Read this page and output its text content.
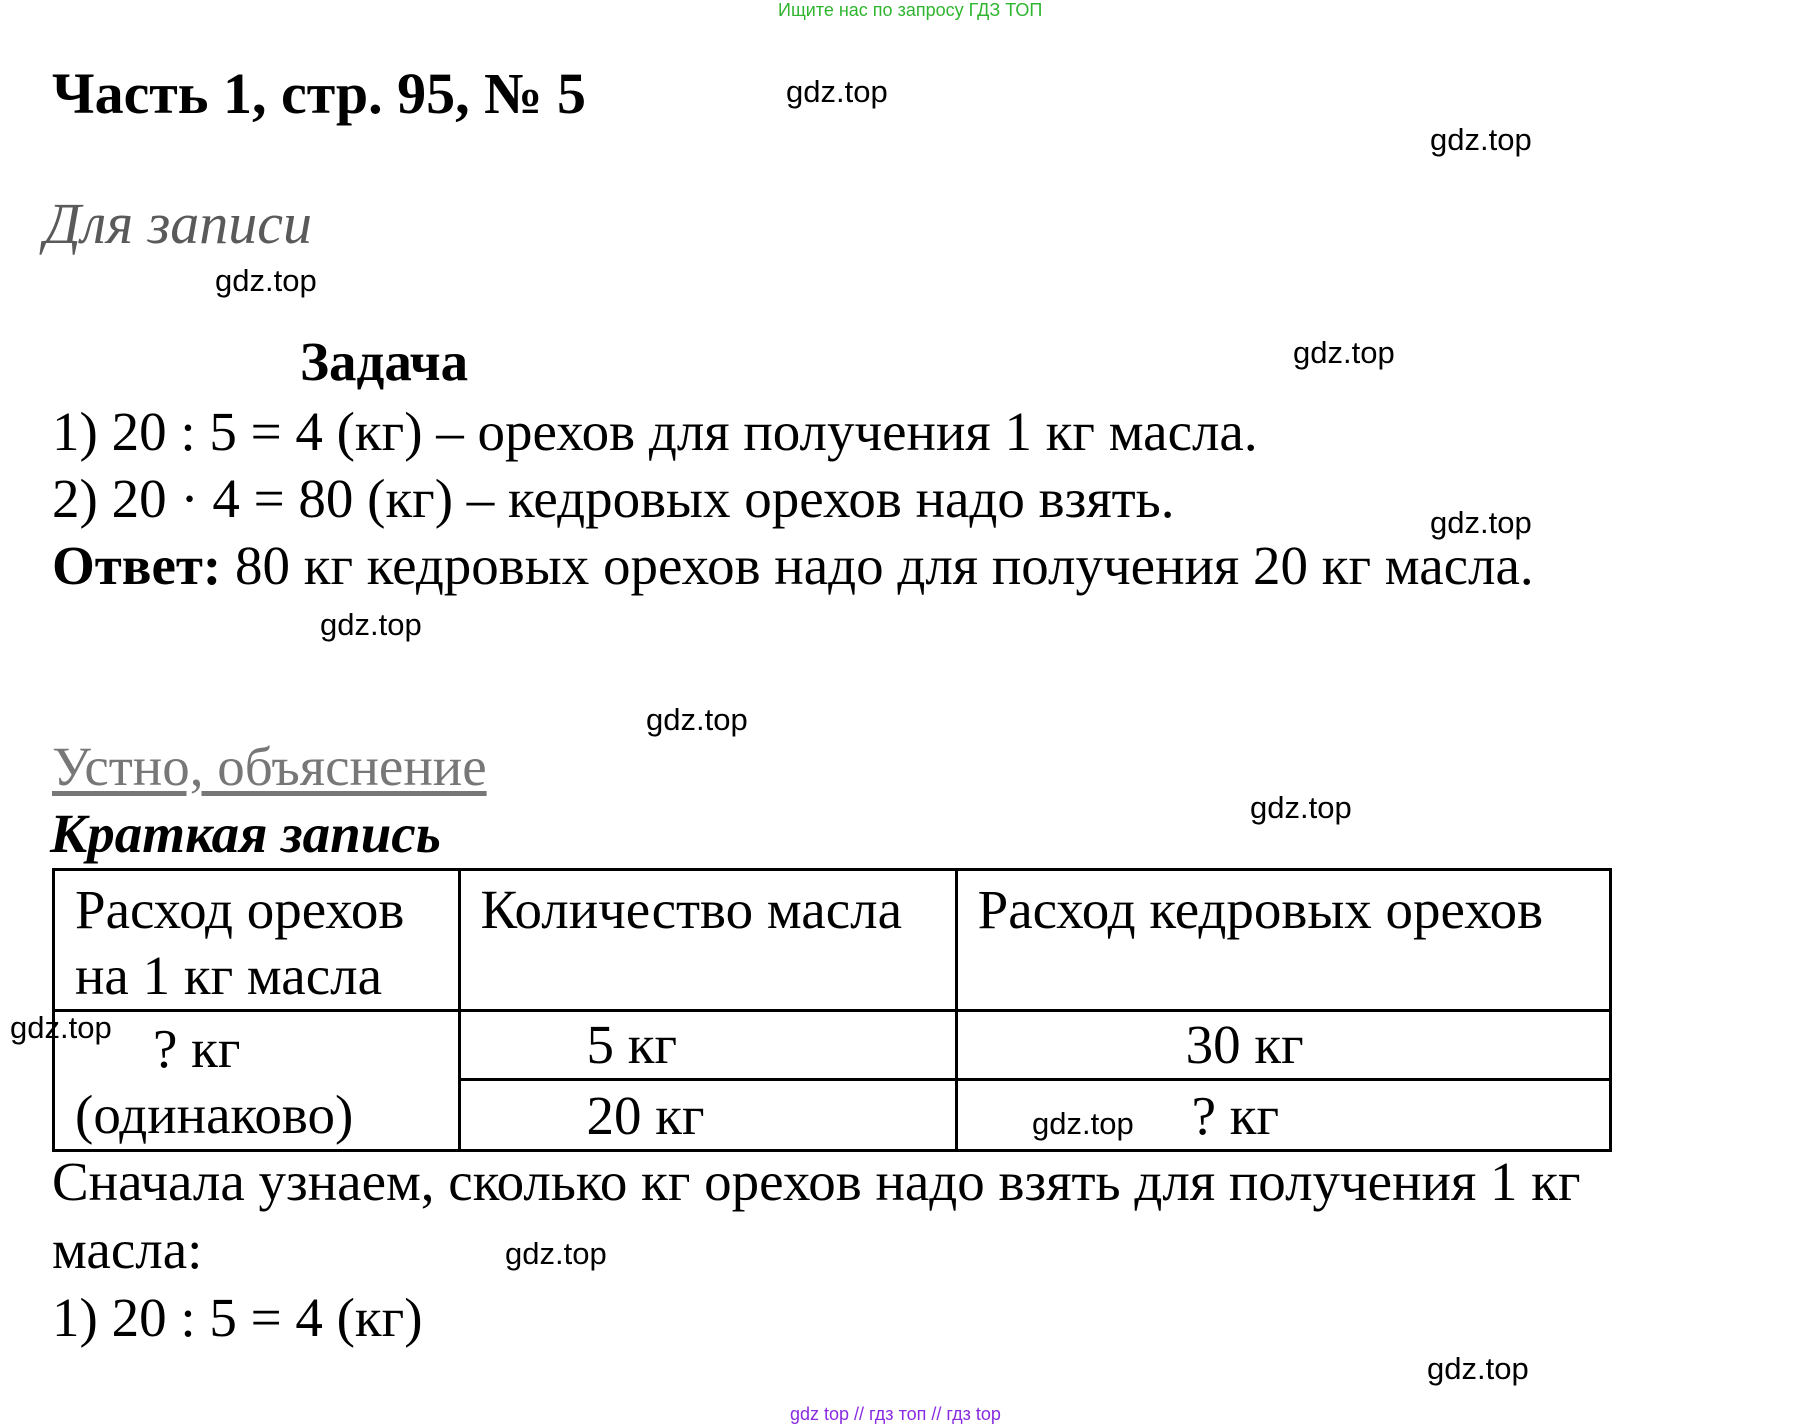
Ищите нас по запросу ГДЗ ТОП
Часть 1, стр. 95, № 5
Для записи
Задача
1) 20 : 5 = 4 (кг) – орехов для получения 1 кг масла.
2) 20 · 4 = 80 (кг) – кедровых орехов надо взять.
Ответ: 80 кг кедровых орехов надо для получения 20 кг масла.
Устно, объяснение
Краткая запись
Расход орехов
на 1 кг масла	Количество масла	Расход кедровых орехов

? кг
(одинаково)	5 кг	30 кг
	20 кг	? кг
Сначала узнаем, сколько кг орехов надо взять для получения 1 кг
масла:
1) 20 : 5 = 4 (кг)
gdz.top
gdz.top
gdz.top
gdz.top
gdz.top
gdz.top
gdz.top
gdz.top
gdz.top
gdz.top
gdz.top
gdz.top
gdz top // гдз топ // гдз top
